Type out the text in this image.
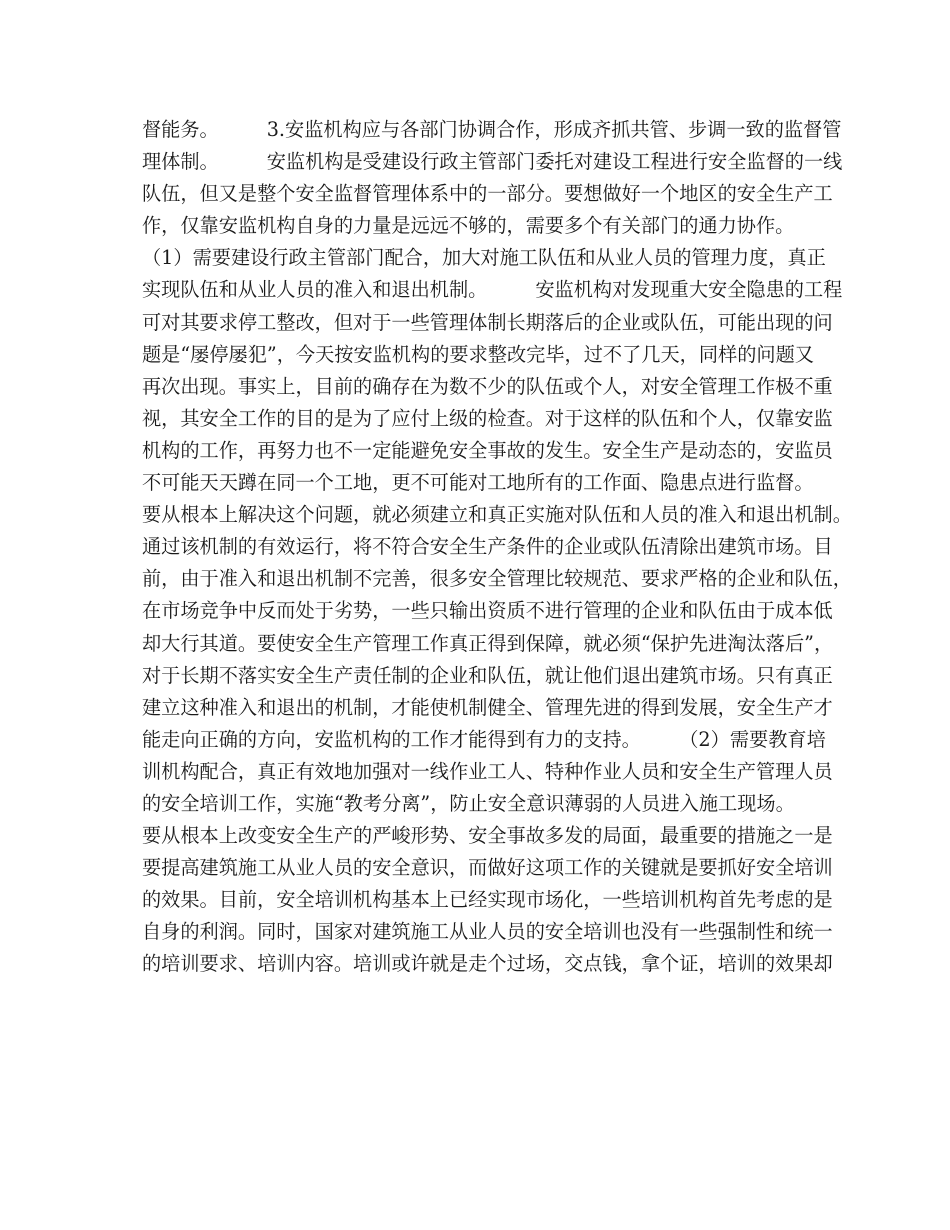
督能务。　　　3.安监机构应与各部门协调合作，形成齐抓共管、步调一致的监督管
理体制。　　　安监机构是受建设行政主管部门委托对建设工程进行安全监督的一线
队伍，但又是整个安全监督管理体系中的一部分。要想做好一个地区的安全生产工
作，仅靠安监机构自身的力量是远远不够的，需要多个有关部门的通力协作。
（1）需要建设行政主管部门配合，加大对施工队伍和从业人员的管理力度，真正
实现队伍和从业人员的准入和退出机制。　　　安监机构对发现重大安全隐患的工程
可对其要求停工整改，但对于一些管理体制长期落后的企业或队伍，可能出现的问
题是“屡停屡犯”，今天按安监机构的要求整改完毕，过不了几天，同样的问题又
再次出现。事实上，目前的确存在为数不少的队伍或个人，对安全管理工作极不重
视，其安全工作的目的是为了应付上级的检查。对于这样的队伍和个人，仅靠安监
机构的工作，再努力也不一定能避免安全事故的发生。安全生产是动态的，安监员
不可能天天蹲在同一个工地，更不可能对工地所有的工作面、隐患点进行监督。
要从根本上解决这个问题，就必须建立和真正实施对队伍和人员的准入和退出机制。
通过该机制的有效运行，将不符合安全生产条件的企业或队伍清除出建筑市场。目
前，由于准入和退出机制不完善，很多安全管理比较规范、要求严格的企业和队伍，
在市场竞争中反而处于劣势，一些只输出资质不进行管理的企业和队伍由于成本低
却大行其道。要使安全生产管理工作真正得到保障，就必须“保护先进淘汰落后”，
对于长期不落实安全生产责任制的企业和队伍，就让他们退出建筑市场。只有真正
建立这种准入和退出的机制，才能使机制健全、管理先进的得到发展，安全生产才
能走向正确的方向，安监机构的工作才能得到有力的支持。　　　（2）需要教育培
训机构配合，真正有效地加强对一线作业工人、特种作业人员和安全生产管理人员
的安全培训工作，实施“教考分离”，防止安全意识薄弱的人员进入施工现场。
要从根本上改变安全生产的严峻形势、安全事故多发的局面，最重要的措施之一是
要提高建筑施工从业人员的安全意识，而做好这项工作的关键就是要抓好安全培训
的效果。目前，安全培训机构基本上已经实现市场化，一些培训机构首先考虑的是
自身的利润。同时，国家对建筑施工从业人员的安全培训也没有一些强制性和统一
的培训要求、培训内容。培训或许就是走个过场，交点钱，拿个证，培训的效果却
